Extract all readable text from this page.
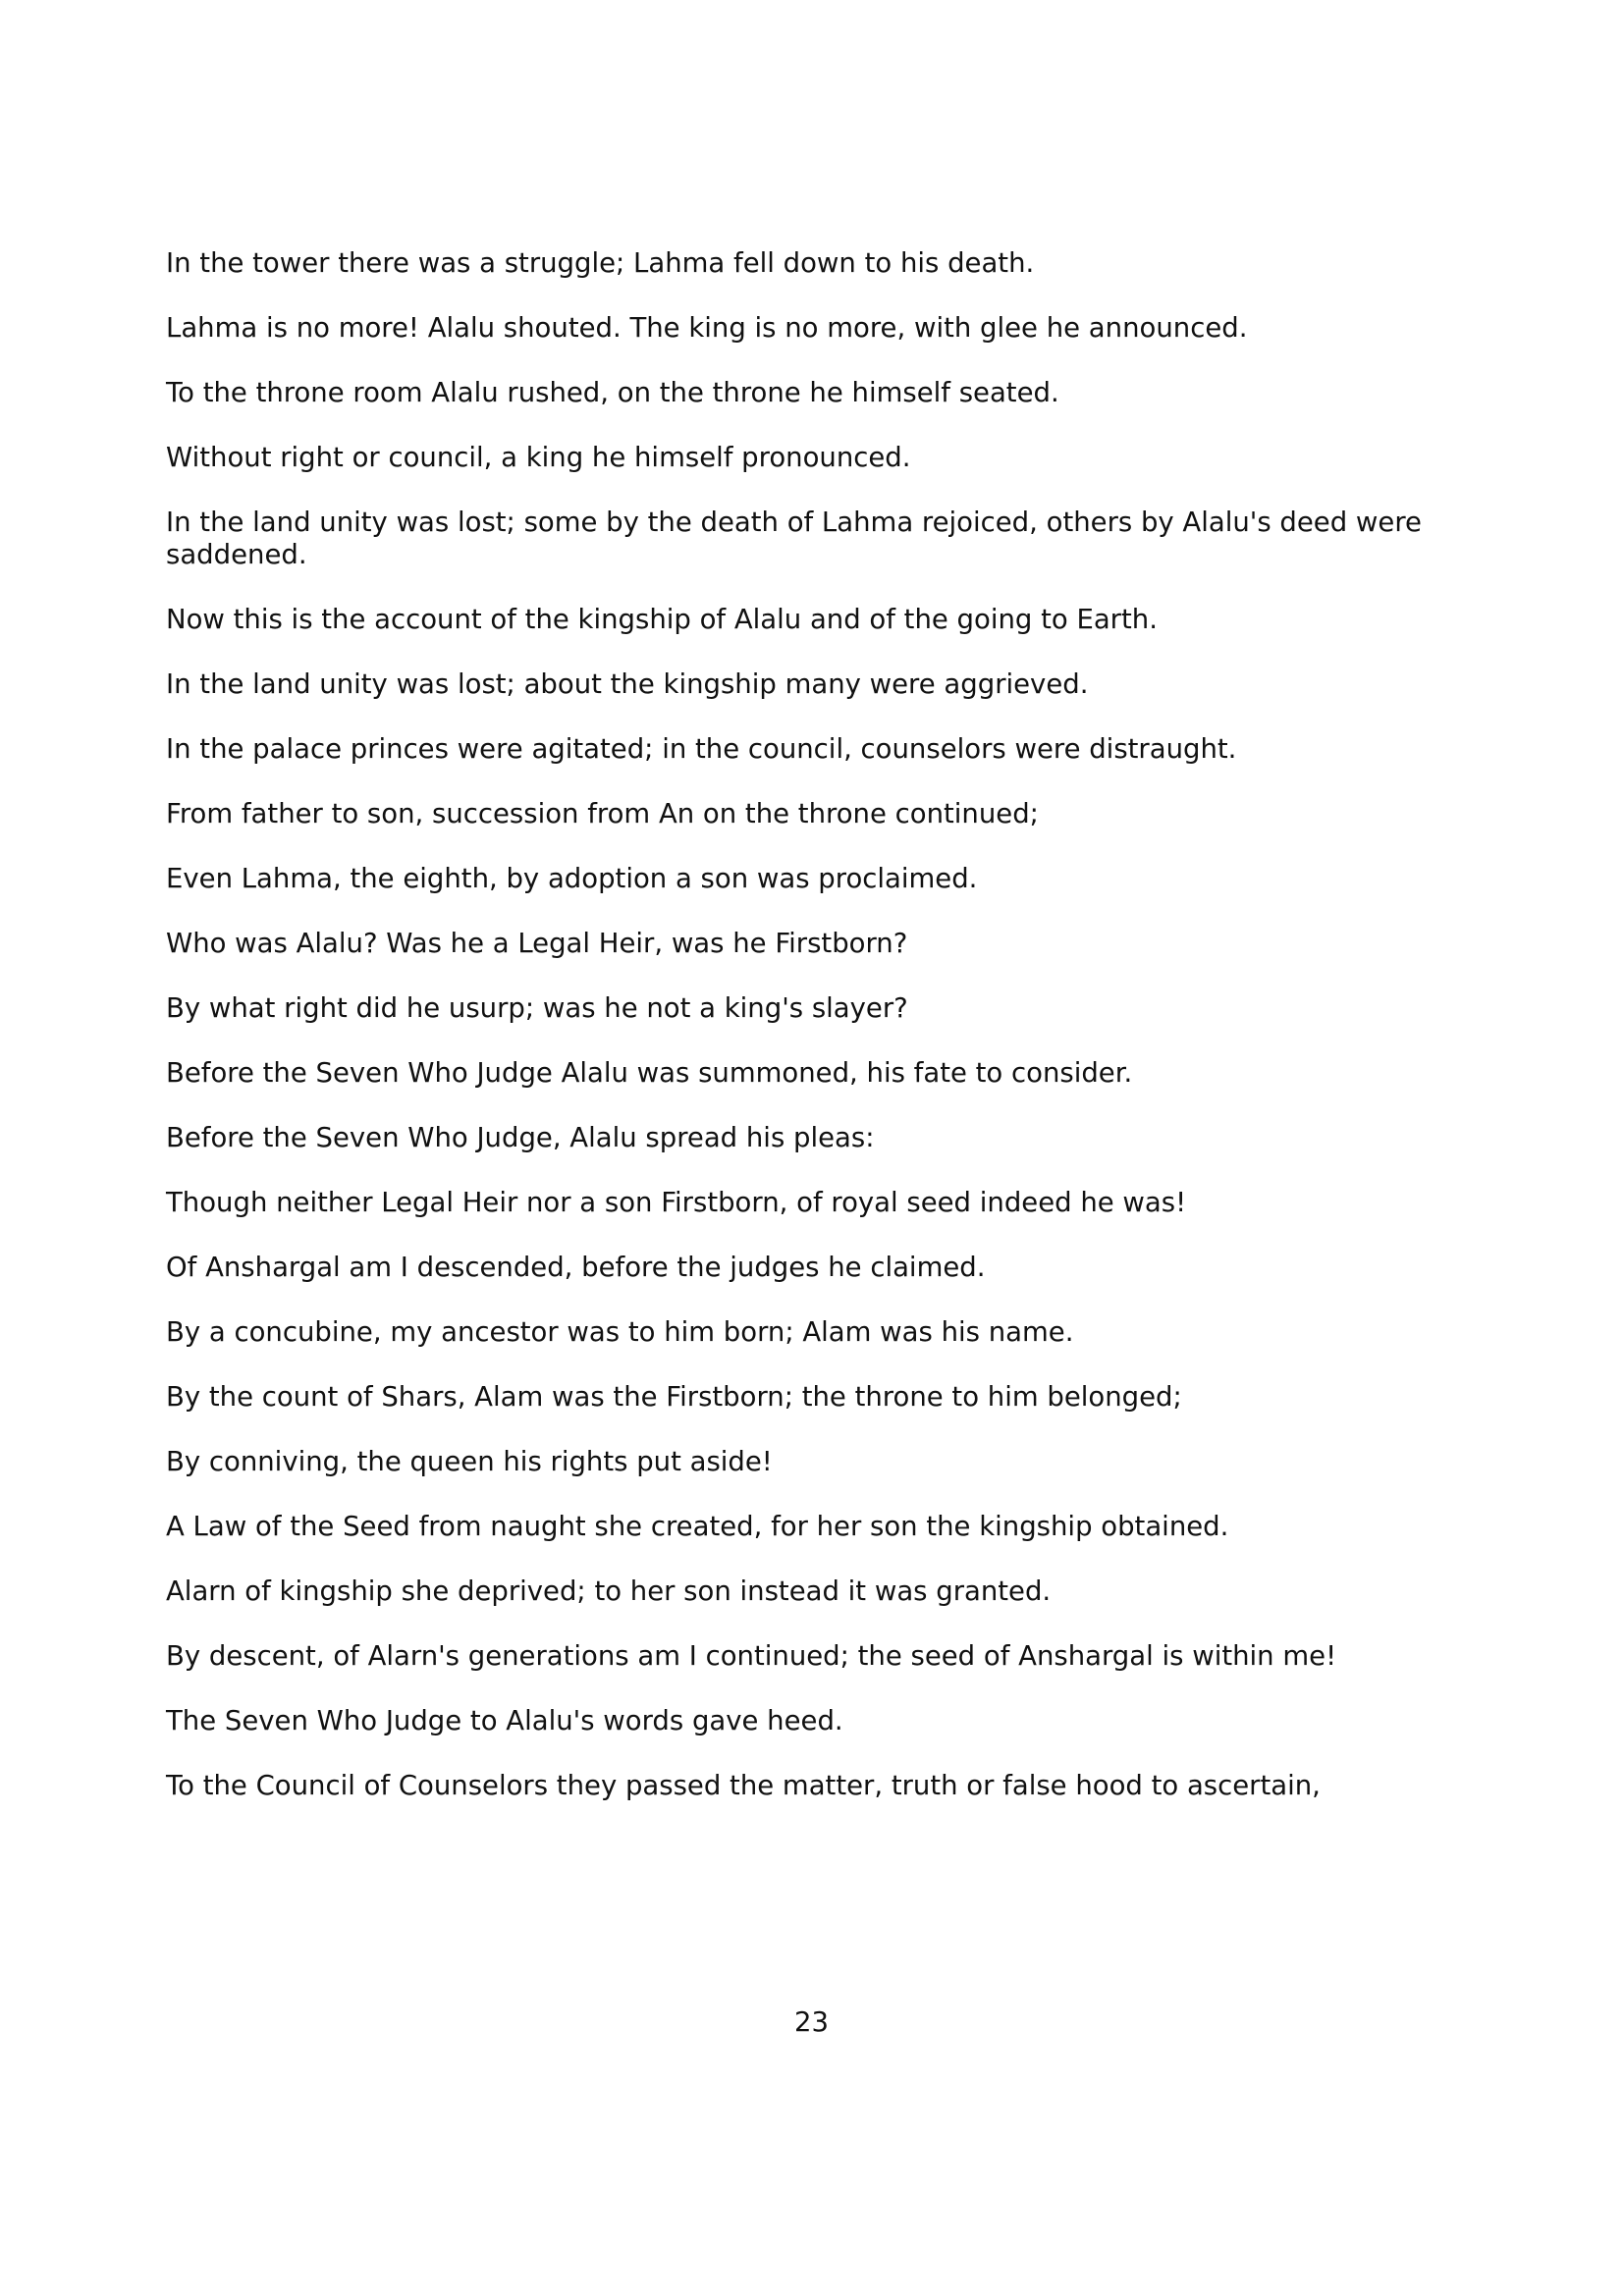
In the tower there was a struggle; Lahma fell down to his death.

Lahma is no more! Alalu shouted. The king is no more, with glee he announced.

To the throne room Alalu rushed, on the throne he himself seated.

Without right or council, a king he himself pronounced.

In the land unity was lost; some by the death of Lahma rejoiced, others by Alalu's deed were saddened.

Now this is the account of the kingship of Alalu and of the going to Earth.

In the land unity was lost; about the kingship many were aggrieved.

In the palace princes were agitated; in the council, counselors were distraught.

From father to son, succession from An on the throne continued;

Even Lahma, the eighth, by adoption a son was proclaimed.

Who was Alalu? Was he a Legal Heir, was he Firstborn?

By what right did he usurp; was he not a king's slayer?

Before the Seven Who Judge Alalu was summoned, his fate to consider.

Before the Seven Who Judge, Alalu spread his pleas:

Though neither Legal Heir nor a son Firstborn, of royal seed indeed he was!

Of Anshargal am I descended, before the judges he claimed.

By a concubine, my ancestor was to him born; Alam was his name.

By the count of Shars, Alam was the Firstborn; the throne to him belonged;

By conniving, the queen his rights put aside!

A Law of the Seed from naught she created, for her son the kingship obtained.

Alarn of kingship she deprived; to her son instead it was granted.

By descent, of Alarn's generations am I continued; the seed of Anshargal is within me!

The Seven Who Judge to Alalu's words gave heed.

To the Council of Counselors they passed the matter, truth or false hood to ascertain,

23
